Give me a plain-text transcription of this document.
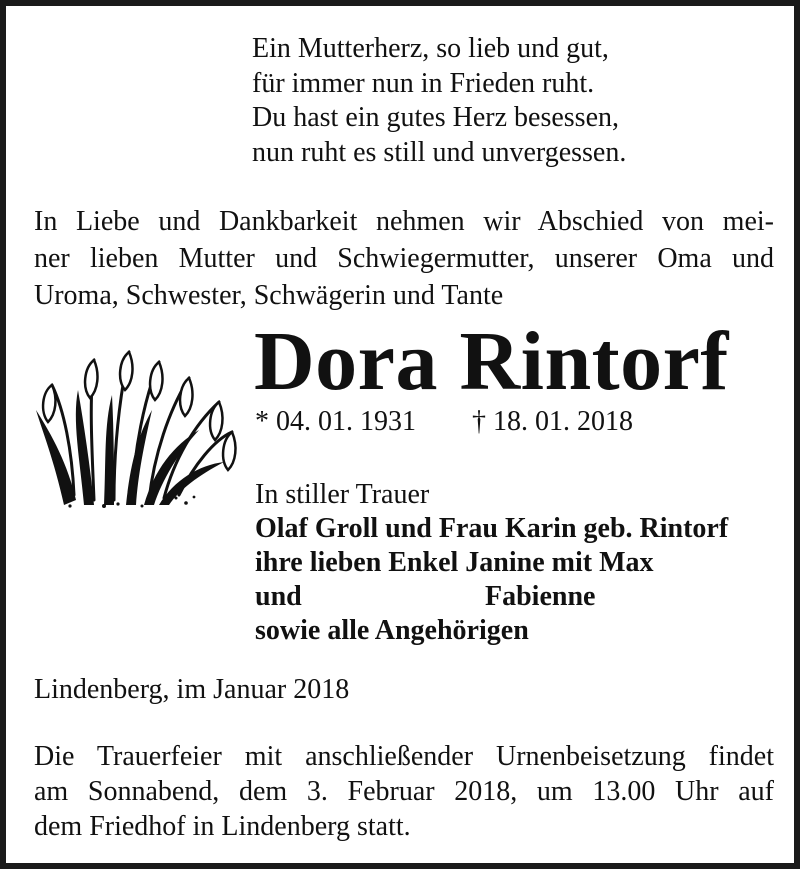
Ein Mutterherz, so lieb und gut,
für immer nun in Frieden ruht.
Du hast ein gutes Herz besessen,
nun ruht es still und unvergessen.
In Liebe und Dankbarkeit nehmen wir Abschied von mei-
ner lieben Mutter und Schwiegermutter, unserer Oma und
Uroma, Schwester, Schwägerin und Tante
Dora Rintorf
* 04. 01. 1931 † 18. 01. 2018
In stiller Trauer
Olaf Groll und Frau Karin geb. Rintorf
ihre lieben Enkel Janine mit Max
und	Fabienne
sowie alle Angehörigen
Lindenberg, im Januar 2018
Die Trauerfeier mit anschließender Urnenbeisetzung findet
am Sonnabend, dem 3. Februar 2018, um 13.00 Uhr auf
dem Friedhof in Lindenberg statt.
